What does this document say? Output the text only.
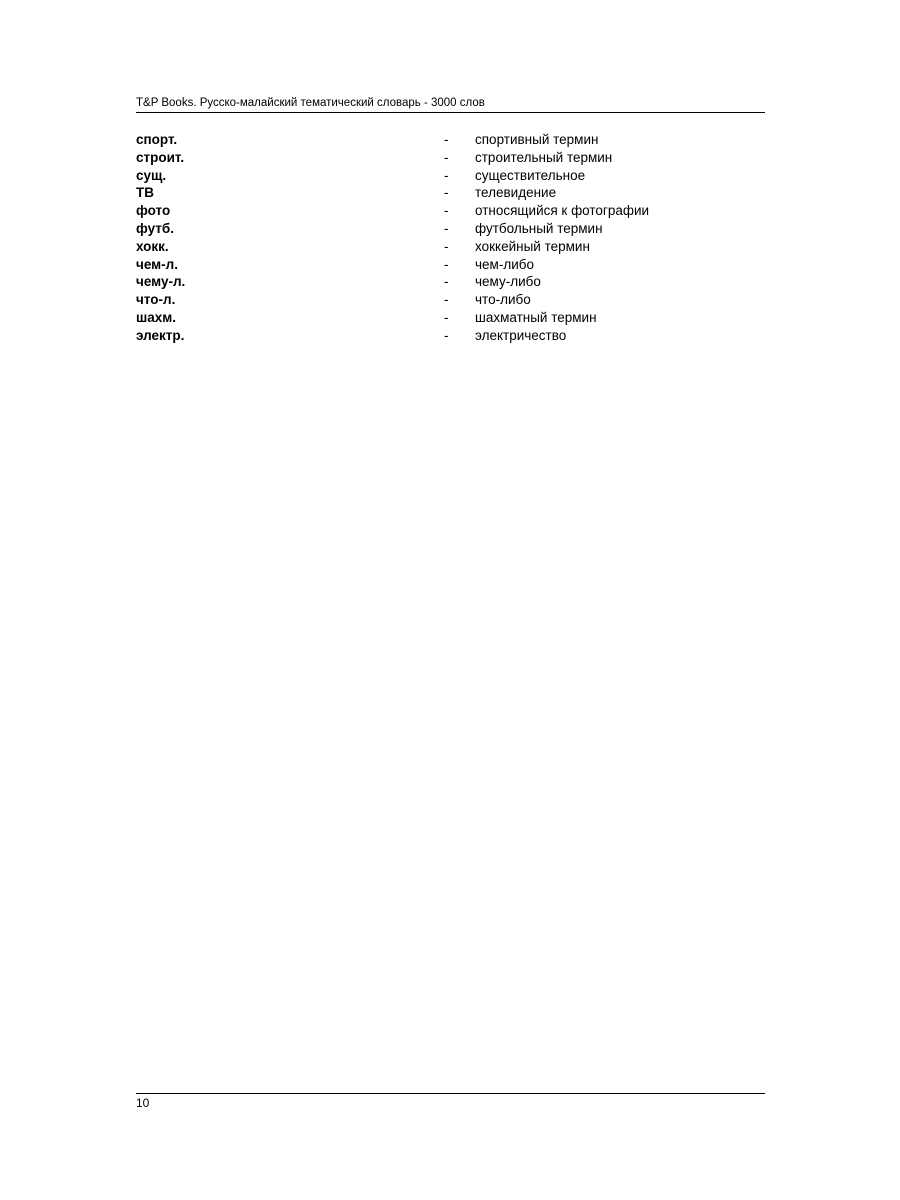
T&P Books. Русско-малайский тематический словарь - 3000 слов
спорт.	- спортивный термин
строит.	- строительный термин
сущ.	- существительное
ТВ	- телевидение
фото	- относящийся к фотографии
футб.	- футбольный термин
хокк.	- хоккейный термин
чем-л.	- чем-либо
чему-л.	- чему-либо
что-л.	- что-либо
шахм.	- шахматный термин
электр.	- электричество
10
